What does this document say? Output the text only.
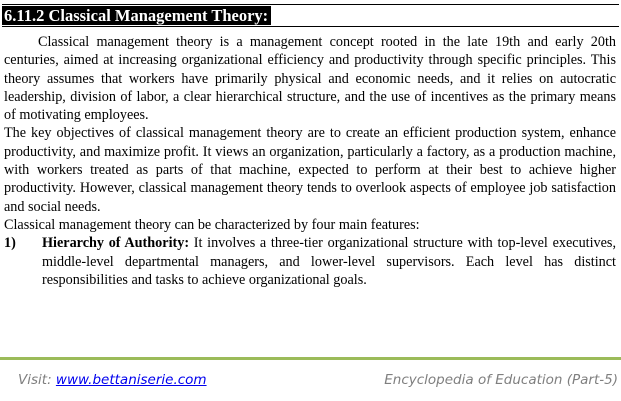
6.11.2 Classical Management Theory:

Classical management theory is a management concept rooted in the late 19th and early 20th centuries, aimed at increasing organizational efficiency and productivity through specific principles. This theory assumes that workers have primarily physical and economic needs, and it relies on autocratic leadership, division of labor, a clear hierarchical structure, and the use of incentives as the primary means of motivating employees.

The key objectives of classical management theory are to create an efficient production system, enhance productivity, and maximize profit. It views an organization, particularly a factory, as a production machine, with workers treated as parts of that machine, expected to perform at their best to achieve higher productivity. However, classical management theory tends to overlook aspects of employee job satisfaction and social needs.

Classical management theory can be characterized by four main features:

1) Hierarchy of Authority: It involves a three-tier organizational structure with top-level executives, middle-level departmental managers, and lower-level supervisors. Each level has distinct responsibilities and tasks to achieve organizational goals.
Visit: www.bettaniserie.com	Encyclopedia of Education (Part-5)
